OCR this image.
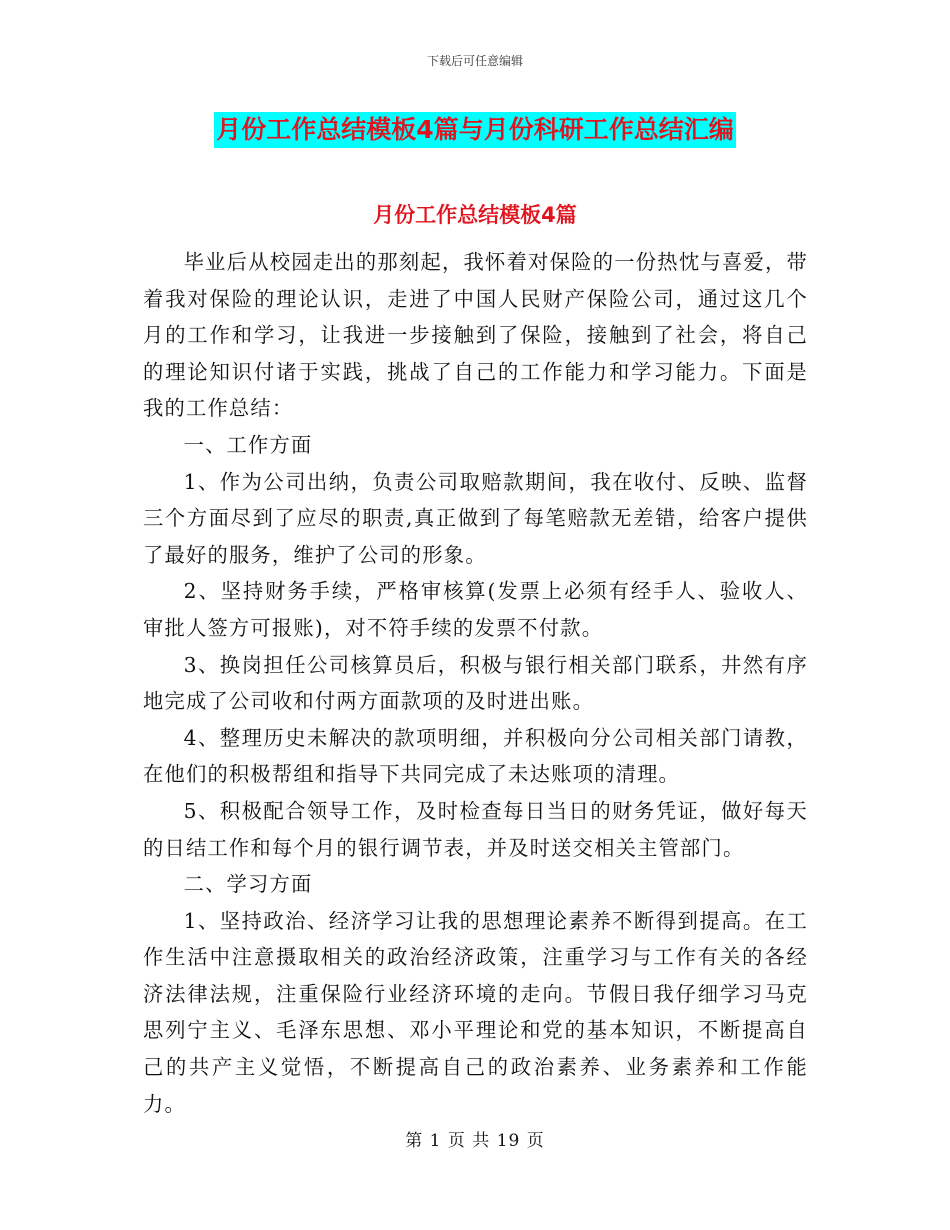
下载后可任意编辑
月份工作总结模板4篇与月份科研工作总结汇编
月份工作总结模板4篇

毕业后从校园走出的那刻起，我怀着对保险的一份热忱与喜爱，带着我对保险的理论认识，走进了中国人民财产保险公司，通过这几个月的工作和学习，让我进一步接触到了保险，接触到了社会，将自己的理论知识付诸于实践，挑战了自己的工作能力和学习能力。下面是我的工作总结：

一、工作方面

1、作为公司出纳，负责公司取赔款期间，我在收付、反映、监督三个方面尽到了应尽的职责,真正做到了每笔赔款无差错，给客户提供了最好的服务，维护了公司的形象。

2、坚持财务手续，严格审核算(发票上必须有经手人、验收人、审批人签方可报账)，对不符手续的发票不付款。

3、换岗担任公司核算员后，积极与银行相关部门联系，井然有序地完成了公司收和付两方面款项的及时进出账。

4、整理历史未解决的款项明细，并积极向分公司相关部门请教，在他们的积极帮组和指导下共同完成了未达账项的清理。

5、积极配合领导工作，及时检查每日当日的财务凭证，做好每天的日结工作和每个月的银行调节表，并及时送交相关主管部门。

二、学习方面

1、坚持政治、经济学习让我的思想理论素养不断得到提高。在工作生活中注意摄取相关的政治经济政策，注重学习与工作有关的各经济法律法规，注重保险行业经济环境的走向。节假日我仔细学习马克思列宁主义、毛泽东思想、邓小平理论和党的基本知识，不断提高自己的共产主义觉悟，不断提高自己的政治素养、业务素养和工作能力。

第 1 页 共 19 页
